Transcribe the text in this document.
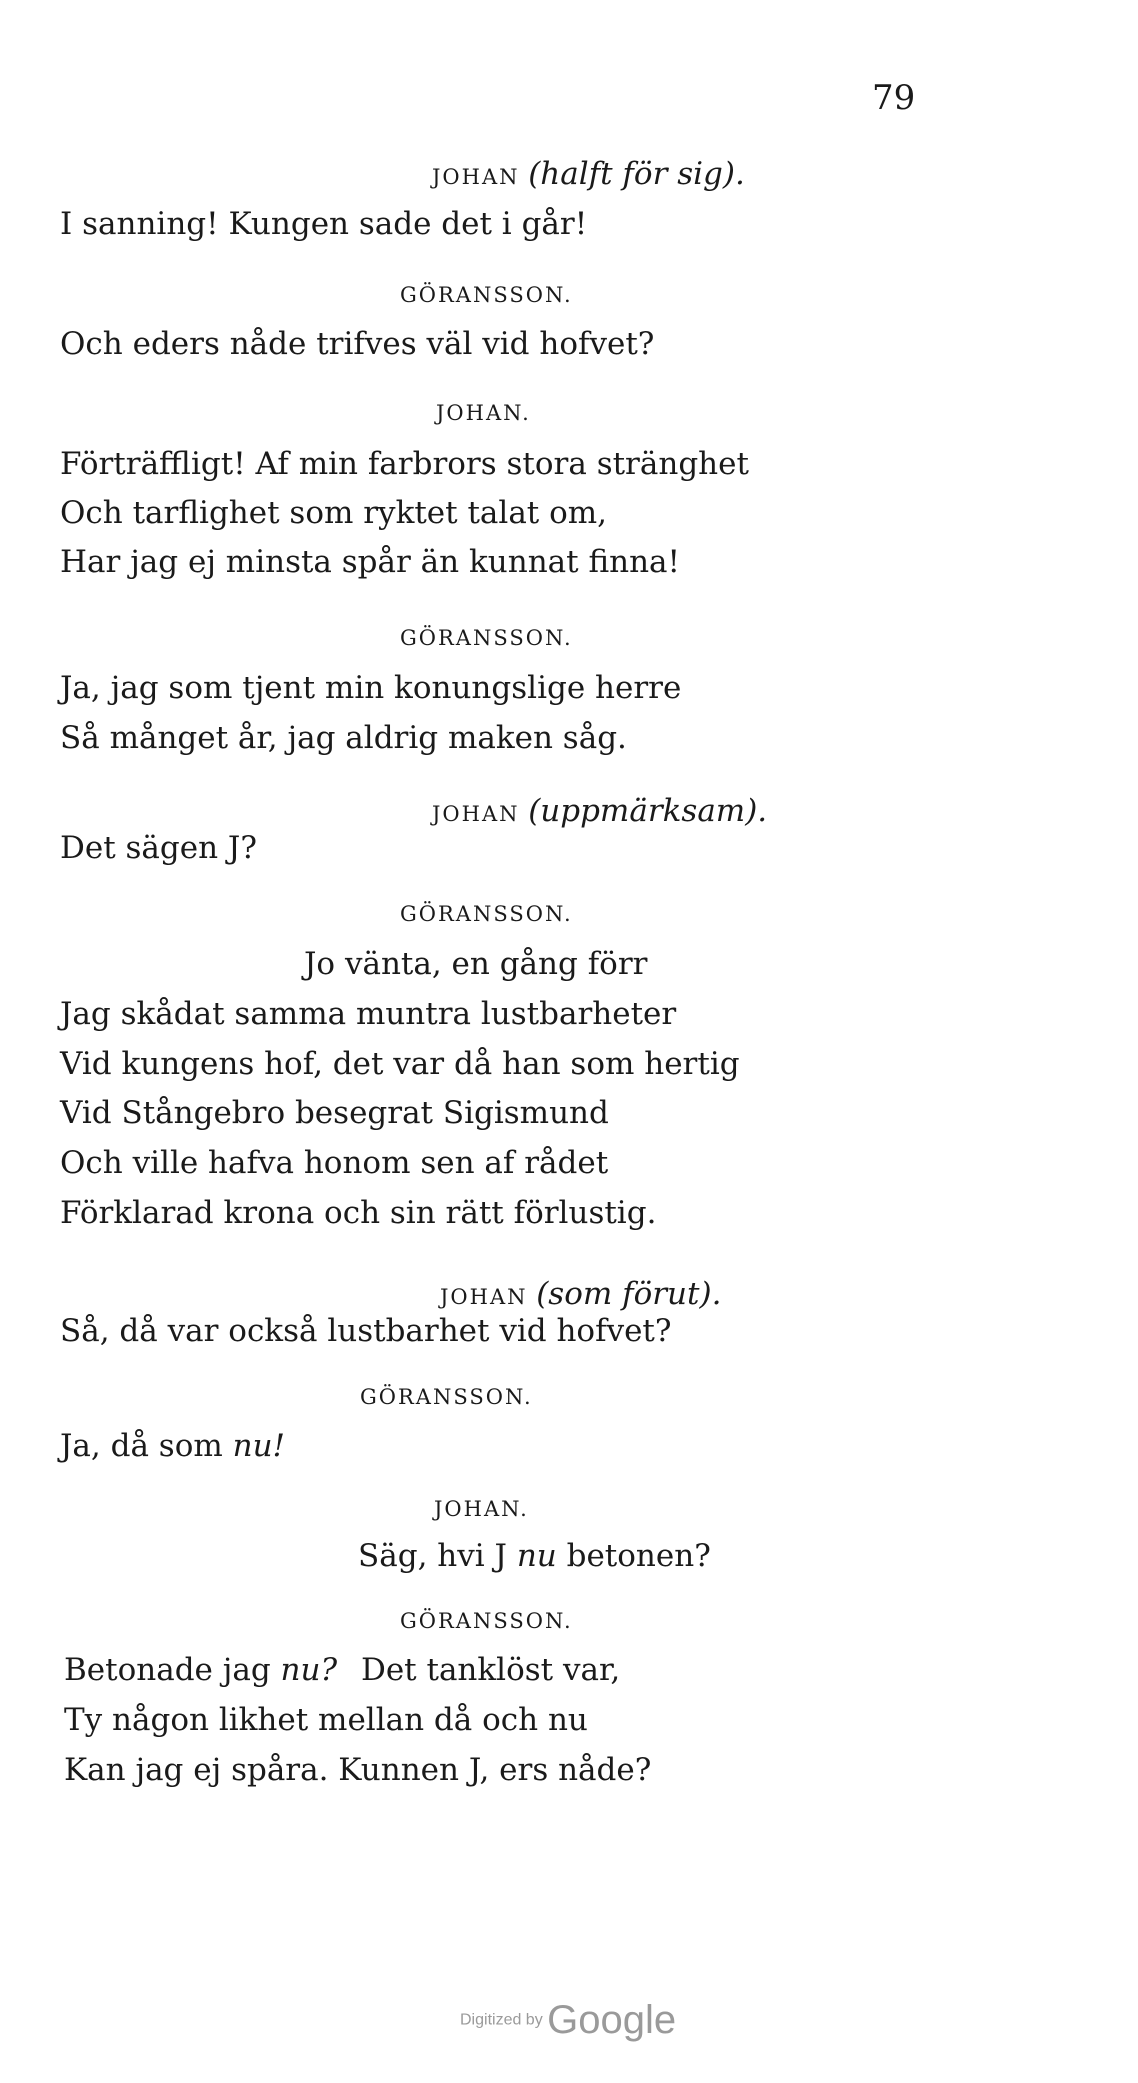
79
JOHAN (halft för sig).
I sanning! Kungen sade det i går!
GÖRANSSON.
Och eders nåde trifves väl vid hofvet?
JOHAN.
Förträffligt! Af min farbrors stora stränghet
Och tarflighet som ryktet talat om,
Har jag ej minsta spår än kunnat finna!
GÖRANSSON.
Ja, jag som tjent min konungslige herre
Så månget år, jag aldrig maken såg.
JOHAN (uppmärksam).
Det sägen J?
GÖRANSSON.
Jo vänta, en gång förr
Jag skådat samma muntra lustbarheter
Vid kungens hof, det var då han som hertig
Vid Stångebro besegrat Sigismund
Och ville hafva honom sen af rådet
Förklarad krona och sin rätt förlustig.
JOHAN (som förut).
Så, då var också lustbarhet vid hofvet?
GÖRANSSON.
Ja, då som nu!
JOHAN.
Säg, hvi J nu betonen?
GÖRANSSON.
Betonade jag nu? Det tanklöst var,
Ty någon likhet mellan då och nu
Kan jag ej spåra. Kunnen J, ers nåde?
Digitized by Google
